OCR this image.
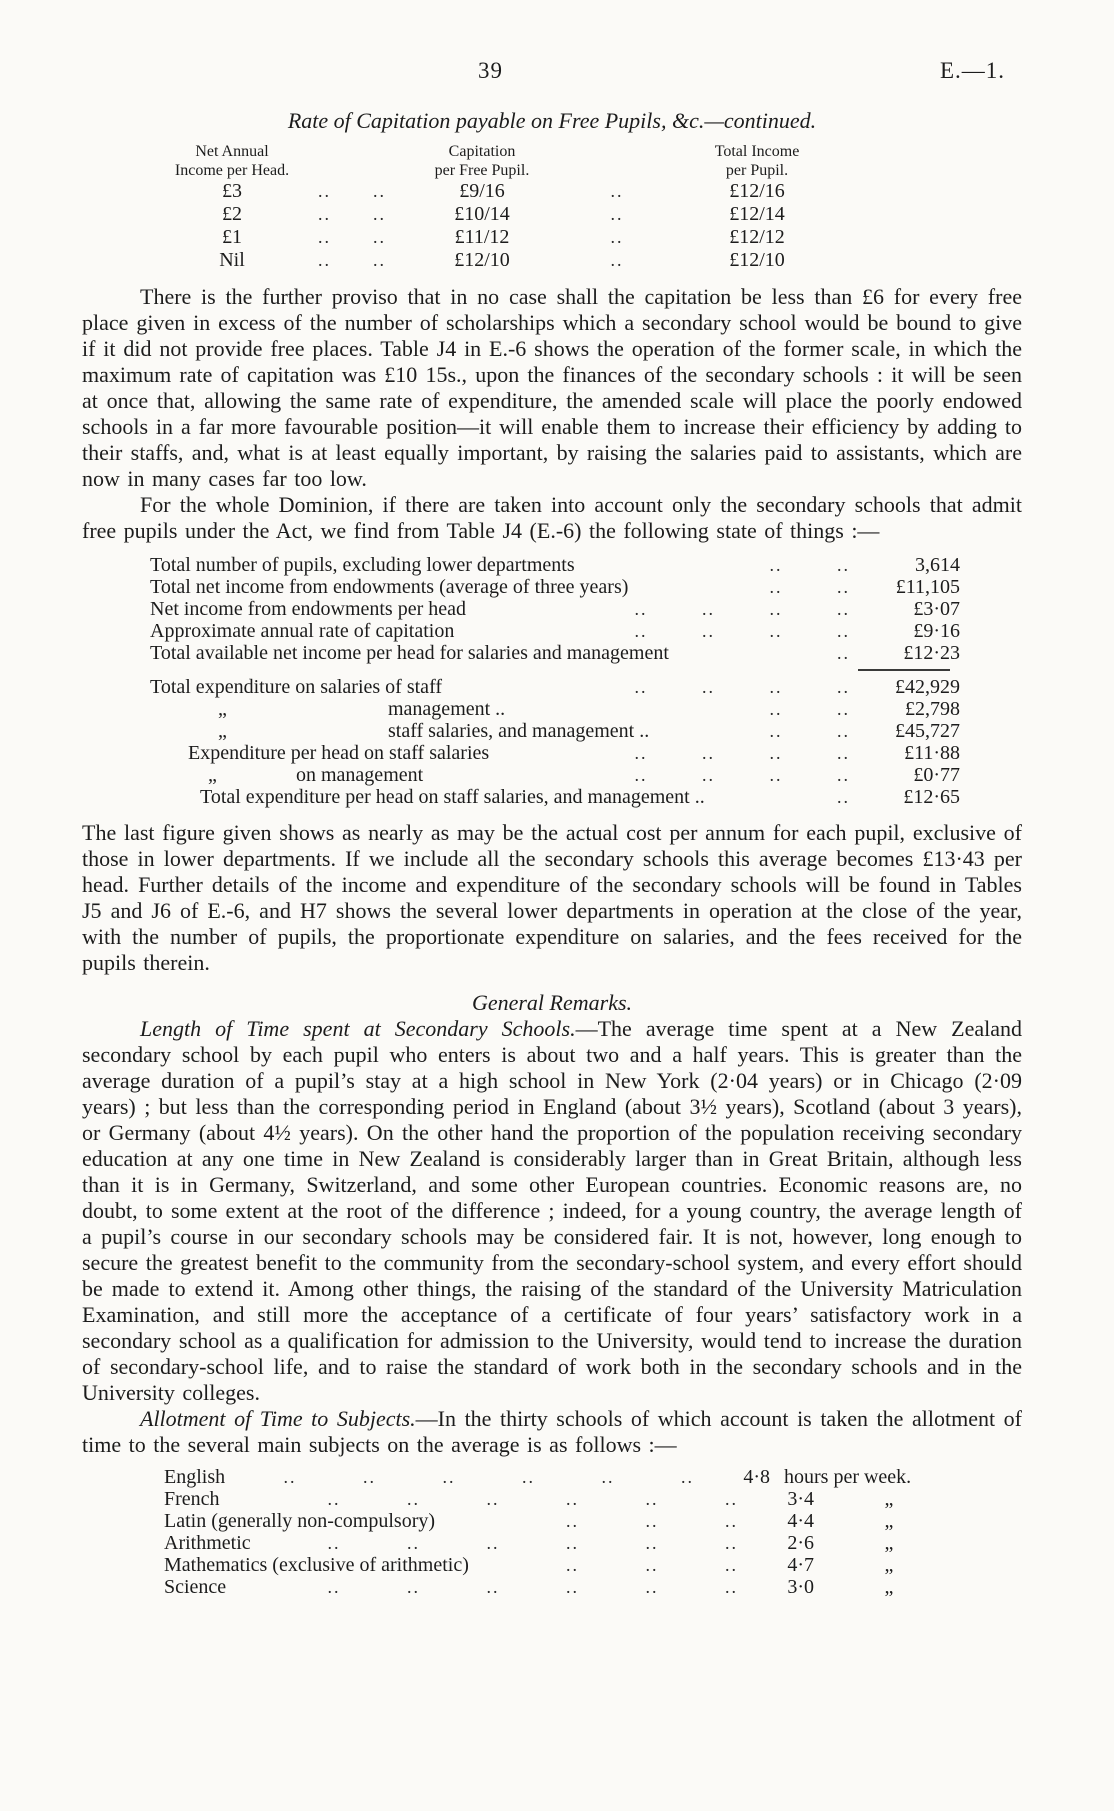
39	E.—1.
Rate of Capitation payable on Free Pupils, &c.—continued.
Net Annual
Income per Head.
Capitation
per Free Pupil.
Total Income
per Pupil.
£3	..	..	£9/16	..	£12/16
£2	..	..	£10/14	..	£12/14
£1	..	..	£11/12	..	£12/12
Nil	..	..	£12/10	..	£12/10
There is the further proviso that in no case shall the capitation be less than £6 for every free place given in excess of the number of scholarships which a secondary school would be bound to give if it did not provide free places. Table J4 in E.-6 shows the operation of the former scale, in which the maximum rate of capitation was £10 15s., upon the finances of the secondary schools : it will be seen at once that, allowing the same rate of expenditure, the amended scale will place the poorly endowed schools in a far more favourable position—it will enable them to increase their efficiency by adding to their staffs, and, what is at least equally important, by raising the salaries paid to assistants, which are now in many cases far too low.
For the whole Dominion, if there are taken into account only the secondary schools that admit free pupils under the Act, we find from Table J4 (E.-6) the following state of things :—
Total number of pupils, excluding lower departments	.. ..	3,614
Total net income from endowments (average of three years)	.. ..	£11,105
Net income from endowments per head	.. .. .. ..	£3·07
Approximate annual rate of capitation	.. .. .. ..	£9·16
Total available net income per head for salaries and management	..	£12·23
Total expenditure on salaries of staff	.. .. .. ..	£42,929
„	management ..	.. ..	£2,798
„	staff salaries, and management ..	.. ..	£45,727
Expenditure per head on staff salaries	.. .. .. ..	£11·88
„	on management	.. .. .. ..	£0·77
Total expenditure per head on staff salaries, and management ..	..	£12·65
The last figure given shows as nearly as may be the actual cost per annum for each pupil, exclusive of those in lower departments. If we include all the secondary schools this average becomes £13·43 per head. Further details of the income and expenditure of the secondary schools will be found in Tables J5 and J6 of E.-6, and H7 shows the several lower departments in operation at the close of the year, with the number of pupils, the proportionate expenditure on salaries, and the fees received for the pupils therein.
General Remarks.
Length of Time spent at Secondary Schools.—The average time spent at a New Zealand secondary school by each pupil who enters is about two and a half years. This is greater than the average duration of a pupil’s stay at a high school in New York (2·04 years) or in Chicago (2·09 years) ; but less than the corresponding period in England (about 3½ years), Scotland (about 3 years), or Germany (about 4½ years). On the other hand the proportion of the population receiving secondary education at any one time in New Zealand is considerably larger than in Great Britain, although less than it is in Germany, Switzerland, and some other European countries. Economic reasons are, no doubt, to some extent at the root of the difference ; indeed, for a young country, the average length of a pupil’s course in our secondary schools may be considered fair. It is not, however, long enough to secure the greatest benefit to the community from the secondary-school system, and every effort should be made to extend it. Among other things, the raising of the standard of the University Matriculation Examination, and still more the acceptance of a certificate of four years’ satisfactory work in a secondary school as a qualification for admission to the University, would tend to increase the duration of secondary-school life, and to raise the standard of work both in the secondary schools and in the University colleges.
Allotment of Time to Subjects.—In the thirty schools of which account is taken the allotment of time to the several main subjects on the average is as follows :—
English	.. .. .. .. .. ..	4·8 hours per week.
French	.. .. .. .. .. ..	3·4	„
Latin (generally non-compulsory)	.. .. ..	4·4	„
Arithmetic	.. .. .. .. .. ..	2·6	„
Mathematics (exclusive of arithmetic)	.. .. ..	4·7	„
Science	.. .. .. .. .. ..	3·0	„
